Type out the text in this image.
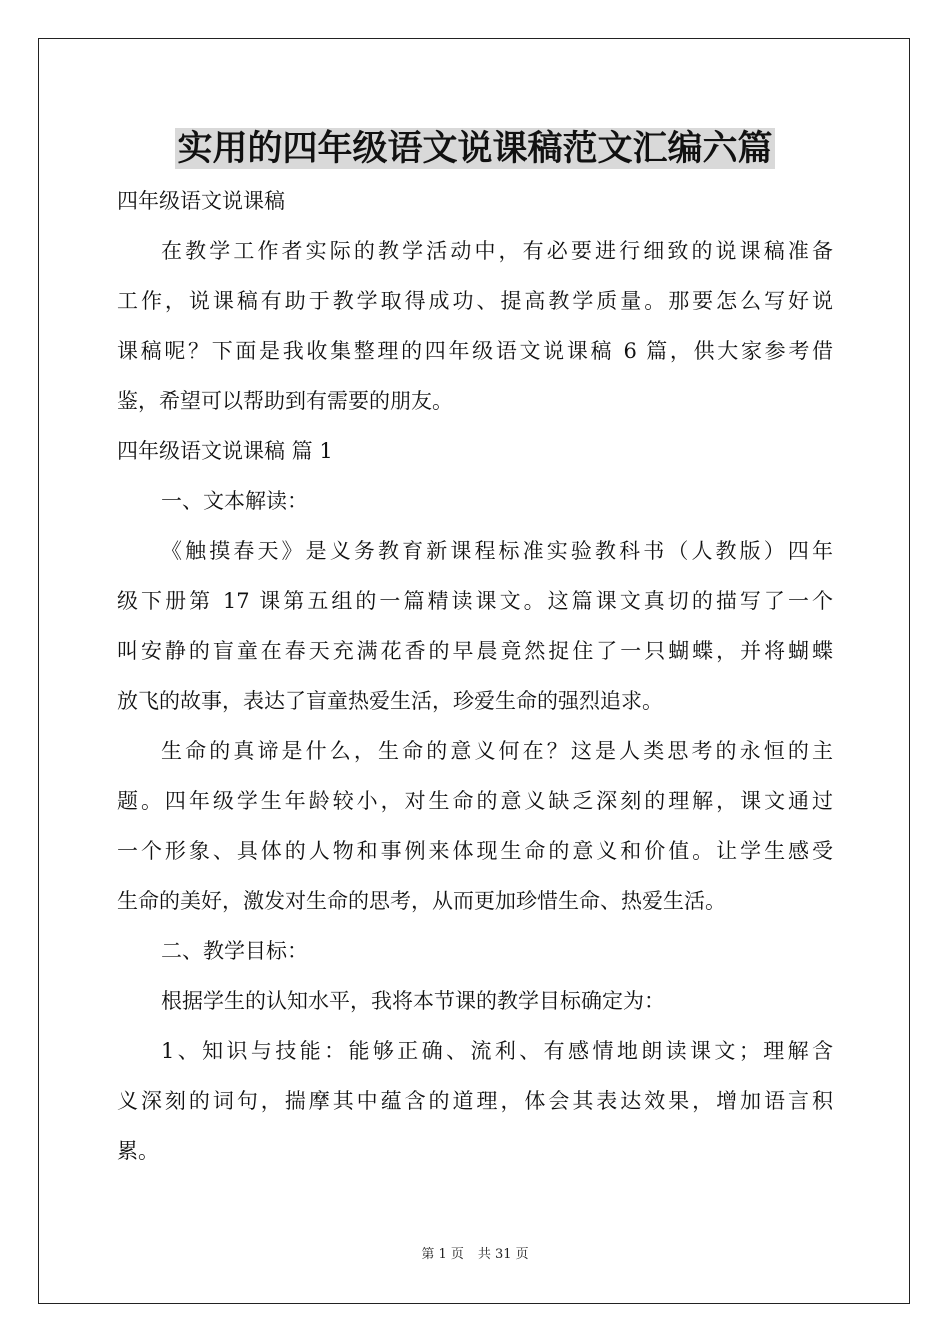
实用的四年级语文说课稿范文汇编六篇
四年级语文说课稿
在教学工作者实际的教学活动中，有必要进行细致的说课稿准备
工作，说课稿有助于教学取得成功、提高教学质量。那要怎么写好说
课稿呢？下面是我收集整理的四年级语文说课稿 6 篇，供大家参考借
鉴，希望可以帮助到有需要的朋友。
四年级语文说课稿 篇 1
一、文本解读：
《触摸春天》是义务教育新课程标准实验教科书（人教版）四年
级下册第 17 课第五组的一篇精读课文。这篇课文真切的描写了一个
叫安静的盲童在春天充满花香的早晨竟然捉住了一只蝴蝶，并将蝴蝶
放飞的故事，表达了盲童热爱生活，珍爱生命的强烈追求。
生命的真谛是什么，生命的意义何在？这是人类思考的永恒的主
题。四年级学生年龄较小，对生命的意义缺乏深刻的理解，课文通过
一个形象、具体的人物和事例来体现生命的意义和价值。让学生感受
生命的美好，激发对生命的思考，从而更加珍惜生命、热爱生活。
二、教学目标：
根据学生的认知水平，我将本节课的教学目标确定为：
1、知识与技能：能够正确、流利、有感情地朗读课文；理解含
义深刻的词句，揣摩其中蕴含的道理，体会其表达效果，增加语言积
累。
第 1 页 共 31 页
